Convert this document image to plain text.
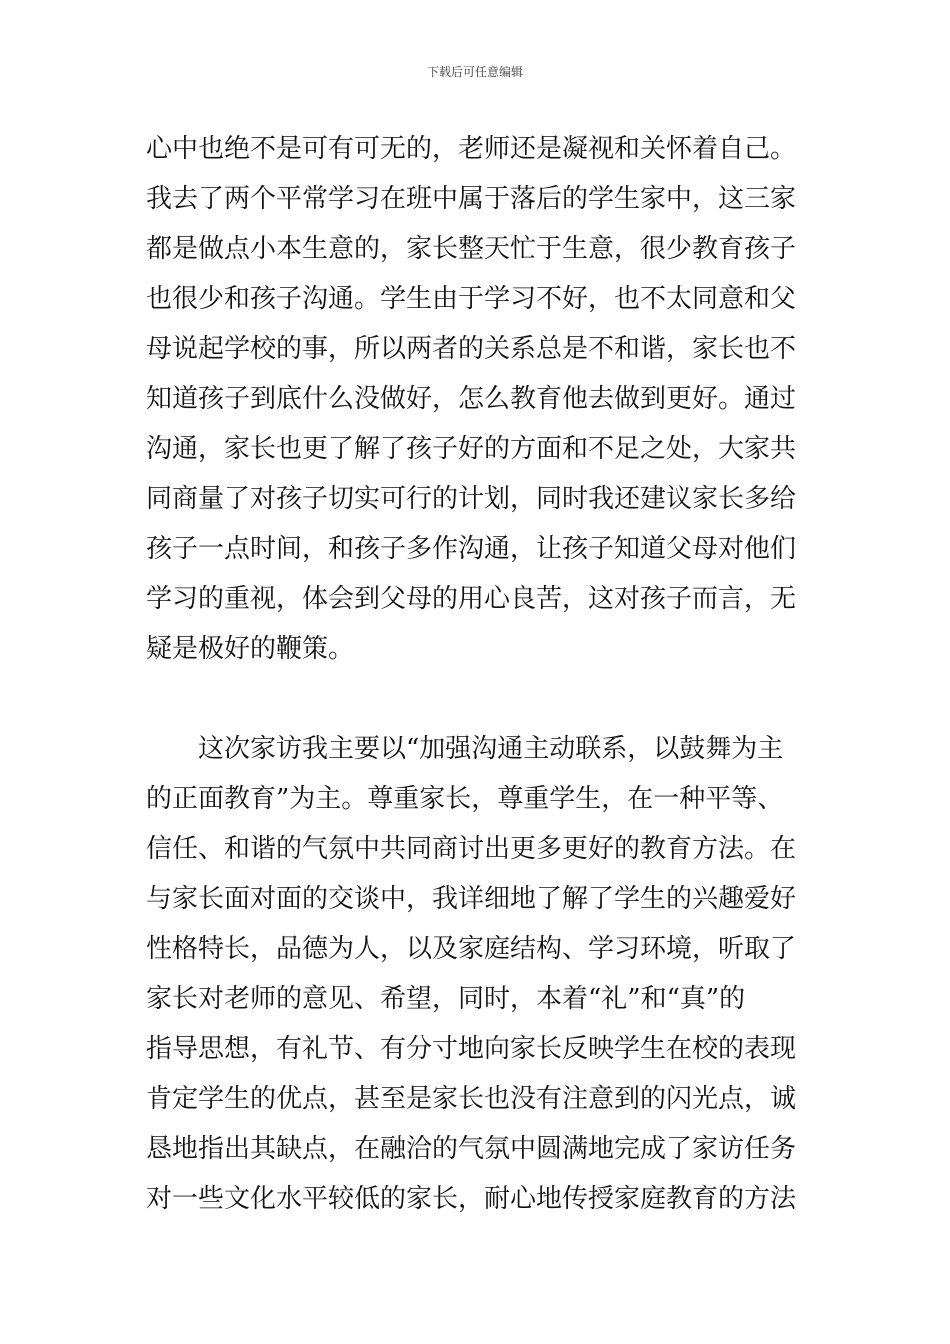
下载后可任意编辑
心中也绝不是可有可无的，老师还是凝视和关怀着自己。
我去了两个平常学习在班中属于落后的学生家中，这三家
都是做点小本生意的，家长整天忙于生意，很少教育孩子
也很少和孩子沟通。学生由于学习不好，也不太同意和父
母说起学校的事，所以两者的关系总是不和谐，家长也不
知道孩子到底什么没做好，怎么教育他去做到更好。通过
沟通，家长也更了解了孩子好的方面和不足之处，大家共
同商量了对孩子切实可行的计划，同时我还建议家长多给
孩子一点时间，和孩子多作沟通，让孩子知道父母对他们
学习的重视，体会到父母的用心良苦，这对孩子而言，无
疑是极好的鞭策。
这次家访我主要以“加强沟通主动联系，以鼓舞为主
的正面教育”为主。尊重家长，尊重学生，在一种平等、
信任、和谐的气氛中共同商讨出更多更好的教育方法。在
与家长面对面的交谈中，我详细地了解了学生的兴趣爱好
性格特长，品德为人，以及家庭结构、学习环境，听取了
家长对老师的意见、希望，同时，本着“礼”和“真”的
指导思想，有礼节、有分寸地向家长反映学生在校的表现
肯定学生的优点，甚至是家长也没有注意到的闪光点，诚
恳地指出其缺点，在融洽的气氛中圆满地完成了家访任务
对一些文化水平较低的家长，耐心地传授家庭教育的方法
